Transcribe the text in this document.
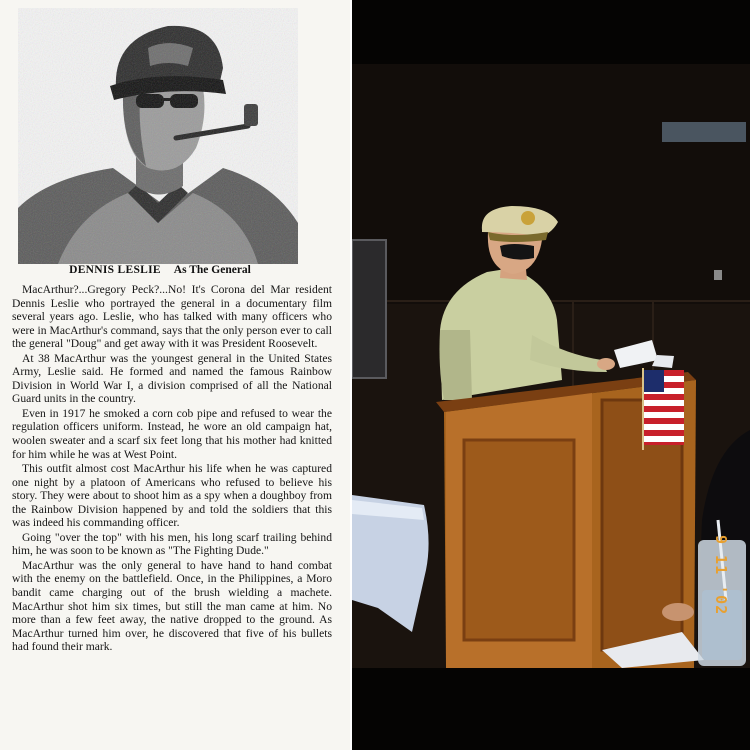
DENNIS LESLIE As The General

MacArthur?...Gregory Peck?...No! It's Corona del Mar resident Dennis Leslie who portrayed the general in a documentary film several years ago. Leslie, who has talked with many officers who were in MacArthur's command, says that the only person ever to call the general "Doug" and get away with it was President Roosevelt.

At 38 MacArthur was the youngest general in the United States Army, Leslie said. He formed and named the famous Rainbow Division in World War I, a division comprised of all the National Guard units in the country.

Even in 1917 he smoked a corn cob pipe and refused to wear the regulation officers uniform. Instead, he wore an old campaign hat, woolen sweater and a scarf six feet long that his mother had knitted for him while he was at West Point.

This outfit almost cost MacArthur his life when he was captured one night by a platoon of Americans who refused to believe his story. They were about to shoot him as a spy when a doughboy from the Rainbow Division happened by and told the soldiers that this was indeed his commanding officer.

Going "over the top" with his men, his long scarf trailing behind him, he was soon to be known as "The Fighting Dude."

MacArthur was the only general to have hand to hand combat with the enemy on the battlefield. Once, in the Philippines, a Moro bandit came charging out of the brush wielding a machete. MacArthur shot him six times, but still the man came at him. No more than a few feet away, the native dropped to the ground. As MacArthur turned him over, he discovered that five of his bullets had found their mark.

9 11 '02
